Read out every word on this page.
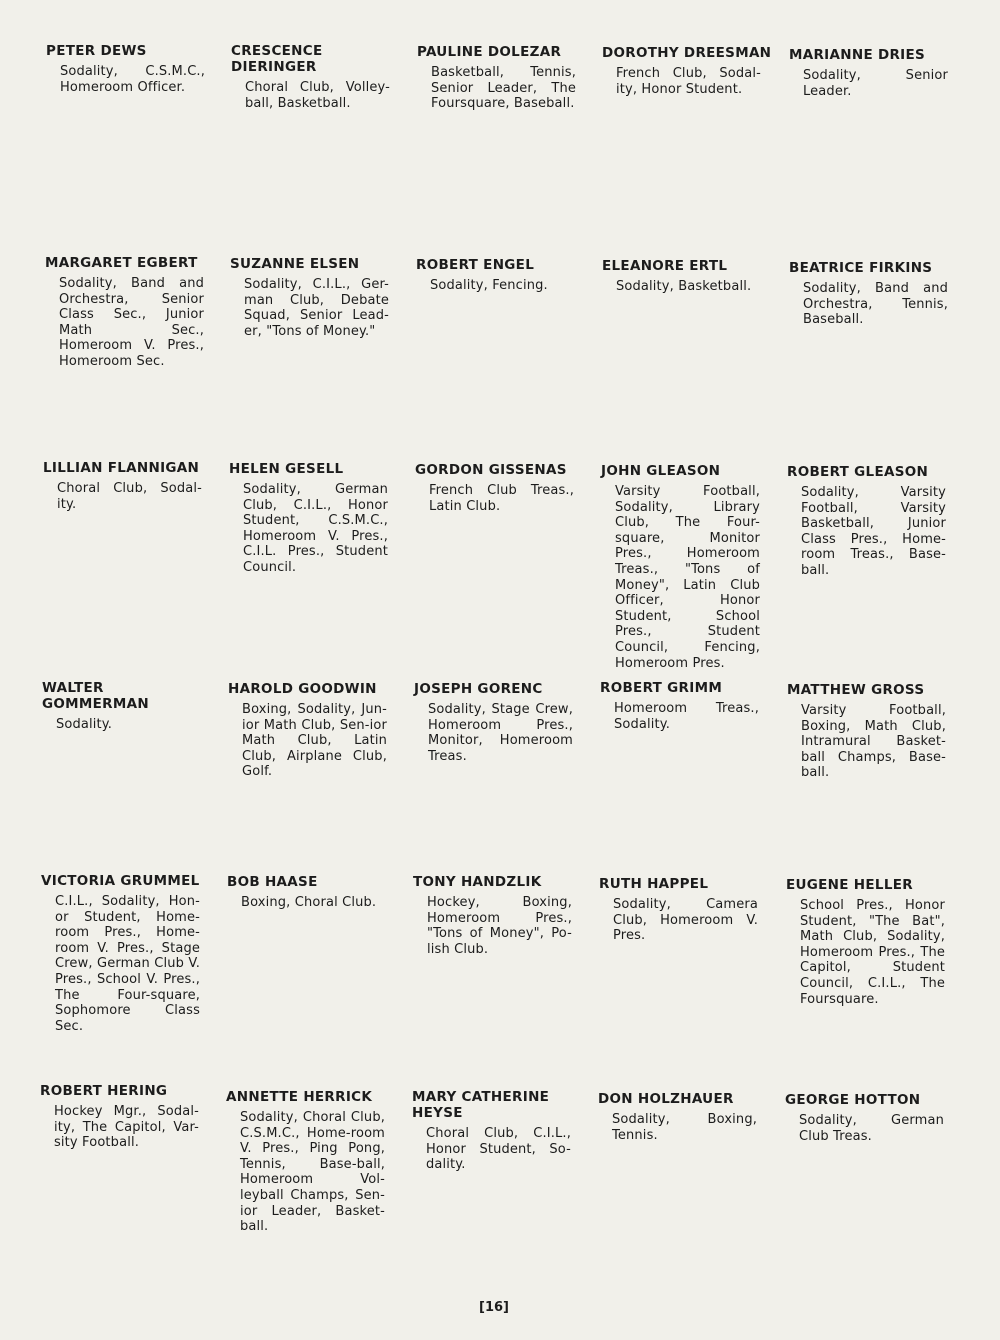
PETER DEWS
Sodality, C.S.M.C., Homeroom Officer.
CRESCENCE
DIERINGER
Choral Club, Volley-ball, Basketball.
PAULINE DOLEZAR
Basketball, Tennis, Senior Leader, The Foursquare, Baseball.
DOROTHY DREESMAN
French Club, Sodal-ity, Honor Student.
MARIANNE DRIES
Sodality, Senior Leader.
MARGARET EGBERT
Sodality, Band and Orchestra, Senior Class Sec., Junior Math Sec., Homeroom V. Pres., Homeroom Sec.
SUZANNE ELSEN
Sodality, C.I.L., Ger-man Club, Debate Squad, Senior Lead-er, "Tons of Money."
ROBERT ENGEL
Sodality, Fencing.
ELEANORE ERTL
Sodality, Basketball.
BEATRICE FIRKINS
Sodality, Band and Orchestra, Tennis, Baseball.
LILLIAN FLANNIGAN
Choral Club, Sodal-ity.
HELEN GESELL
Sodality, German Club, C.I.L., Honor Student, C.S.M.C., Homeroom V. Pres., C.I.L. Pres., Student Council.
GORDON GISSENAS
French Club Treas., Latin Club.
JOHN GLEASON
Varsity Football, Sodality, Library Club, The Four-square, Monitor Pres., Homeroom Treas., "Tons of Money", Latin Club Officer, Honor Student, School Pres., Student Council, Fencing, Homeroom Pres.
ROBERT GLEASON
Sodality, Varsity Football, Varsity Basketball, Junior Class Pres., Home-room Treas., Base-ball.
WALTER
GOMMERMAN
Sodality.
HAROLD GOODWIN
Boxing, Sodality, Jun-ior Math Club, Sen-ior Math Club, Latin Club, Airplane Club, Golf.
JOSEPH GORENC
Sodality, Stage Crew, Homeroom Pres., Monitor, Homeroom Treas.
ROBERT GRIMM
Homeroom Treas., Sodality.
MATTHEW GROSS
Varsity Football, Boxing, Math Club, Intramural Basket-ball Champs, Base-ball.
VICTORIA GRUMMEL
C.I.L., Sodality, Hon-or Student, Home-room Pres., Home-room V. Pres., Stage Crew, German Club V. Pres., School V. Pres., The Four-square, Sophomore Class Sec.
BOB HAASE
Boxing, Choral Club.
TONY HANDZLIK
Hockey, Boxing, Homeroom Pres., "Tons of Money", Po-lish Club.
RUTH HAPPEL
Sodality, Camera Club, Homeroom V. Pres.
EUGENE HELLER
School Pres., Honor Student, "The Bat", Math Club, Sodality, Homeroom Pres., The Capitol, Student Council, C.I.L., The Foursquare.
ROBERT HERING
Hockey Mgr., Sodal-ity, The Capitol, Var-sity Football.
ANNETTE HERRICK
Sodality, Choral Club, C.S.M.C., Home-room V. Pres., Ping Pong, Tennis, Base-ball, Homeroom Vol-leyball Champs, Sen-ior Leader, Basket-ball.
MARY CATHERINE
HEYSE
Choral Club, C.I.L., Honor Student, So-dality.
DON HOLZHAUER
Sodality, Boxing, Tennis.
GEORGE HOTTON
Sodality, German Club Treas.
[16]
